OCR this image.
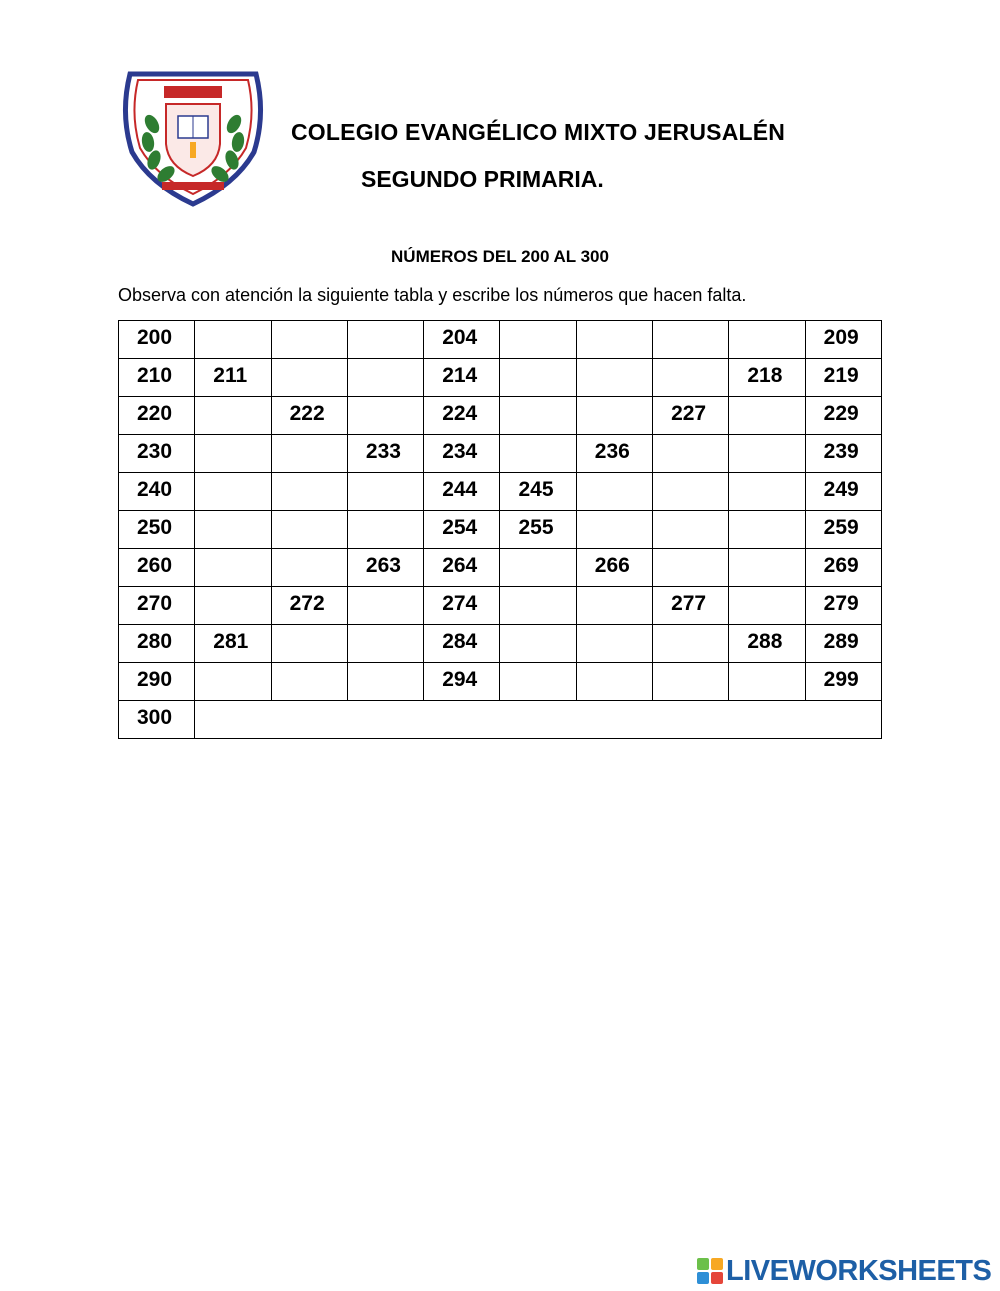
COLEGIO EVANGÉLICO MIXTO JERUSALÉN
SEGUNDO PRIMARIA.
NÚMEROS DEL 200 AL 300
Observa con atención la siguiente tabla y escribe los números que hacen falta.
200				204					209
210	211			214				218	219
220		222		224			227		229
230			233	234		236			239
240				244	245				249
250				254	255				259
260			263	264		266			269
270		272		274			277		279
280	281			284				288	289
290				294					299
300									
LIVEWORKSHEETS
